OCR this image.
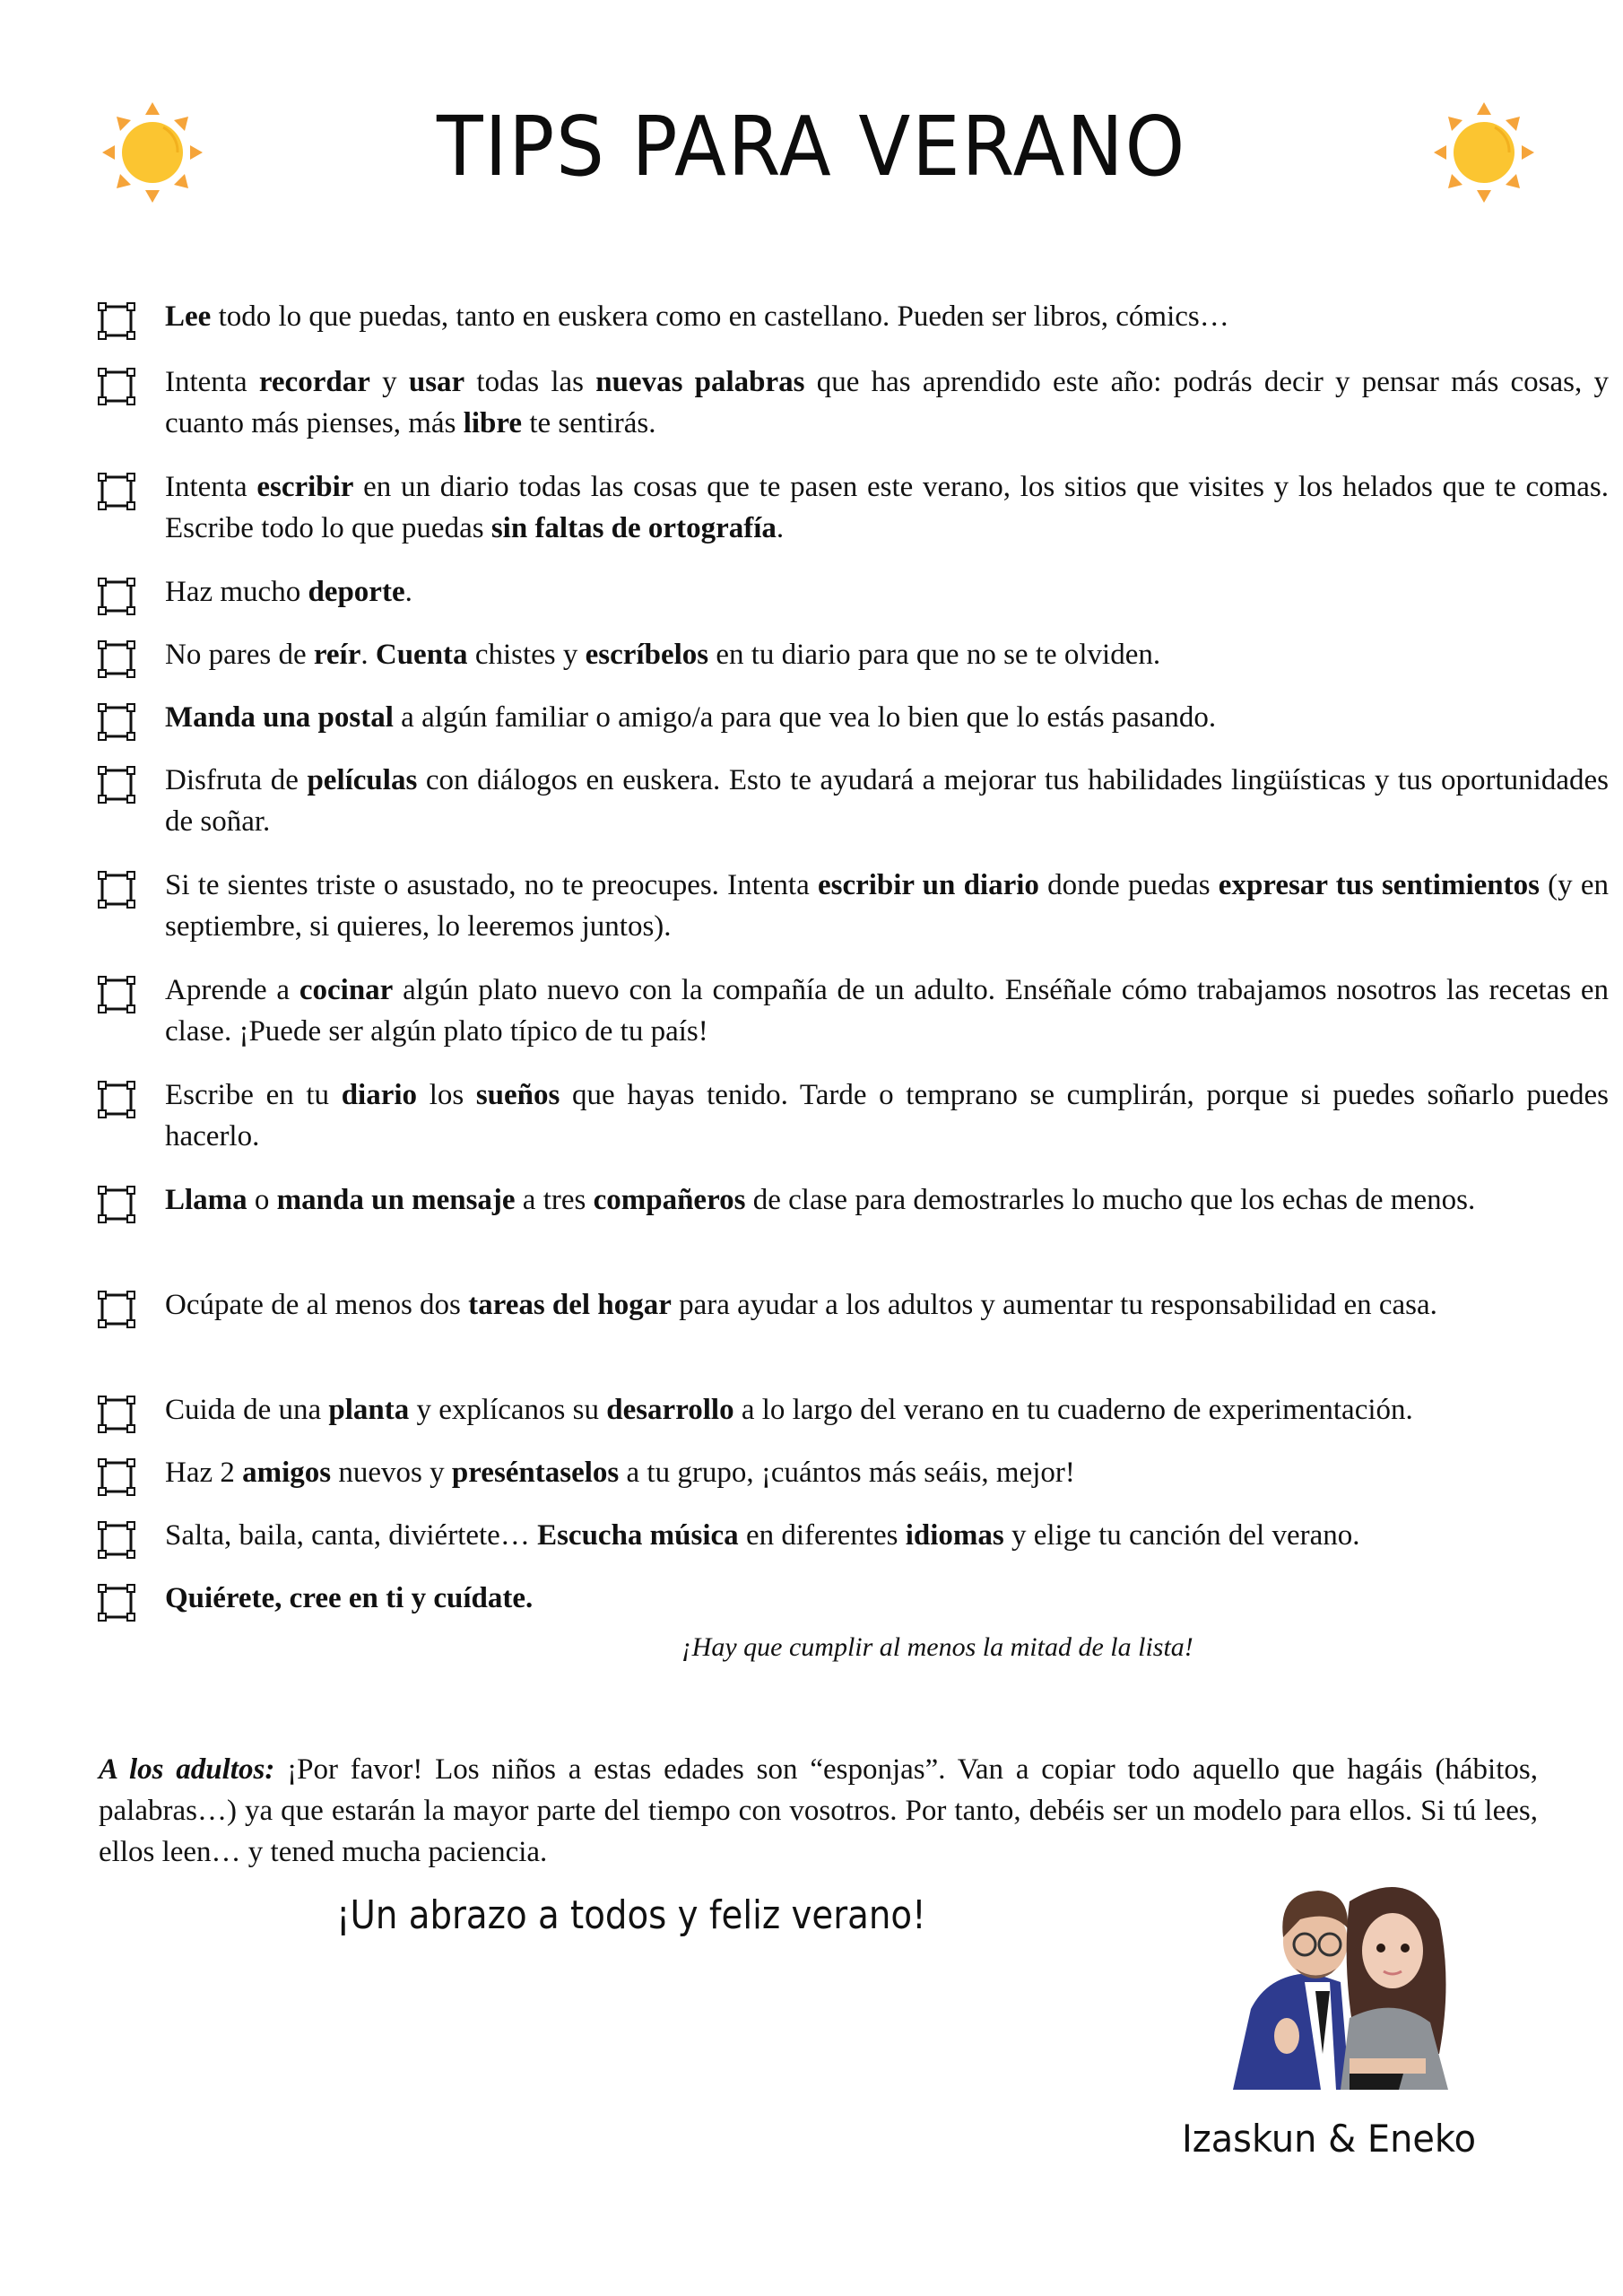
TIPS PARA VERANO
Lee todo lo que puedas, tanto en euskera como en castellano. Pueden ser libros, cómics…
Intenta recordar y usar todas las nuevas palabras que has aprendido este año: podrás decir y pensar más cosas, y cuanto más pienses, más libre te sentirás.
Intenta escribir en un diario todas las cosas que te pasen este verano, los sitios que visites y los helados que te comas. Escribe todo lo que puedas sin faltas de ortografía.
Haz mucho deporte.
No pares de reír. Cuenta chistes y escríbelos en tu diario para que no se te olviden.
Manda una postal a algún familiar o amigo/a para que vea lo bien que lo estás pasando.
Disfruta de películas con diálogos en euskera. Esto te ayudará a mejorar tus habilidades lingüísticas y tus oportunidades de soñar.
Si te sientes triste o asustado, no te preocupes. Intenta escribir un diario donde puedas expresar tus sentimientos (y en septiembre, si quieres, lo leeremos juntos).
Aprende a cocinar algún plato nuevo con la compañía de un adulto. Enséñale cómo trabajamos nosotros las recetas en clase. ¡Puede ser algún plato típico de tu país!
Escribe en tu diario los sueños que hayas tenido. Tarde o temprano se cumplirán, porque si puedes soñarlo puedes hacerlo.
Llama o manda un mensaje a tres compañeros de clase para demostrarles lo mucho que los echas de menos.
Ocúpate de al menos dos tareas del hogar para ayudar a los adultos y aumentar tu responsabilidad en casa.
Cuida de una planta y explícanos su desarrollo a lo largo del verano en tu cuaderno de experimentación.
Haz 2 amigos nuevos y preséntaselos a tu grupo, ¡cuántos más seáis, mejor!
Salta, baila, canta, diviértete… Escucha música en diferentes idiomas y elige tu canción del verano.
Quiérete, cree en ti y cuídate.
¡Hay que cumplir al menos la mitad de la lista!
A los adultos: ¡Por favor! Los niños a estas edades son “esponjas”. Van a copiar todo aquello que hagáis (hábitos, palabras…) ya que estarán la mayor parte del tiempo con vosotros. Por tanto, debéis ser un modelo para ellos. Si tú lees, ellos leen… y tened mucha paciencia.
¡Un abrazo a todos y feliz verano!
Izaskun & Eneko
